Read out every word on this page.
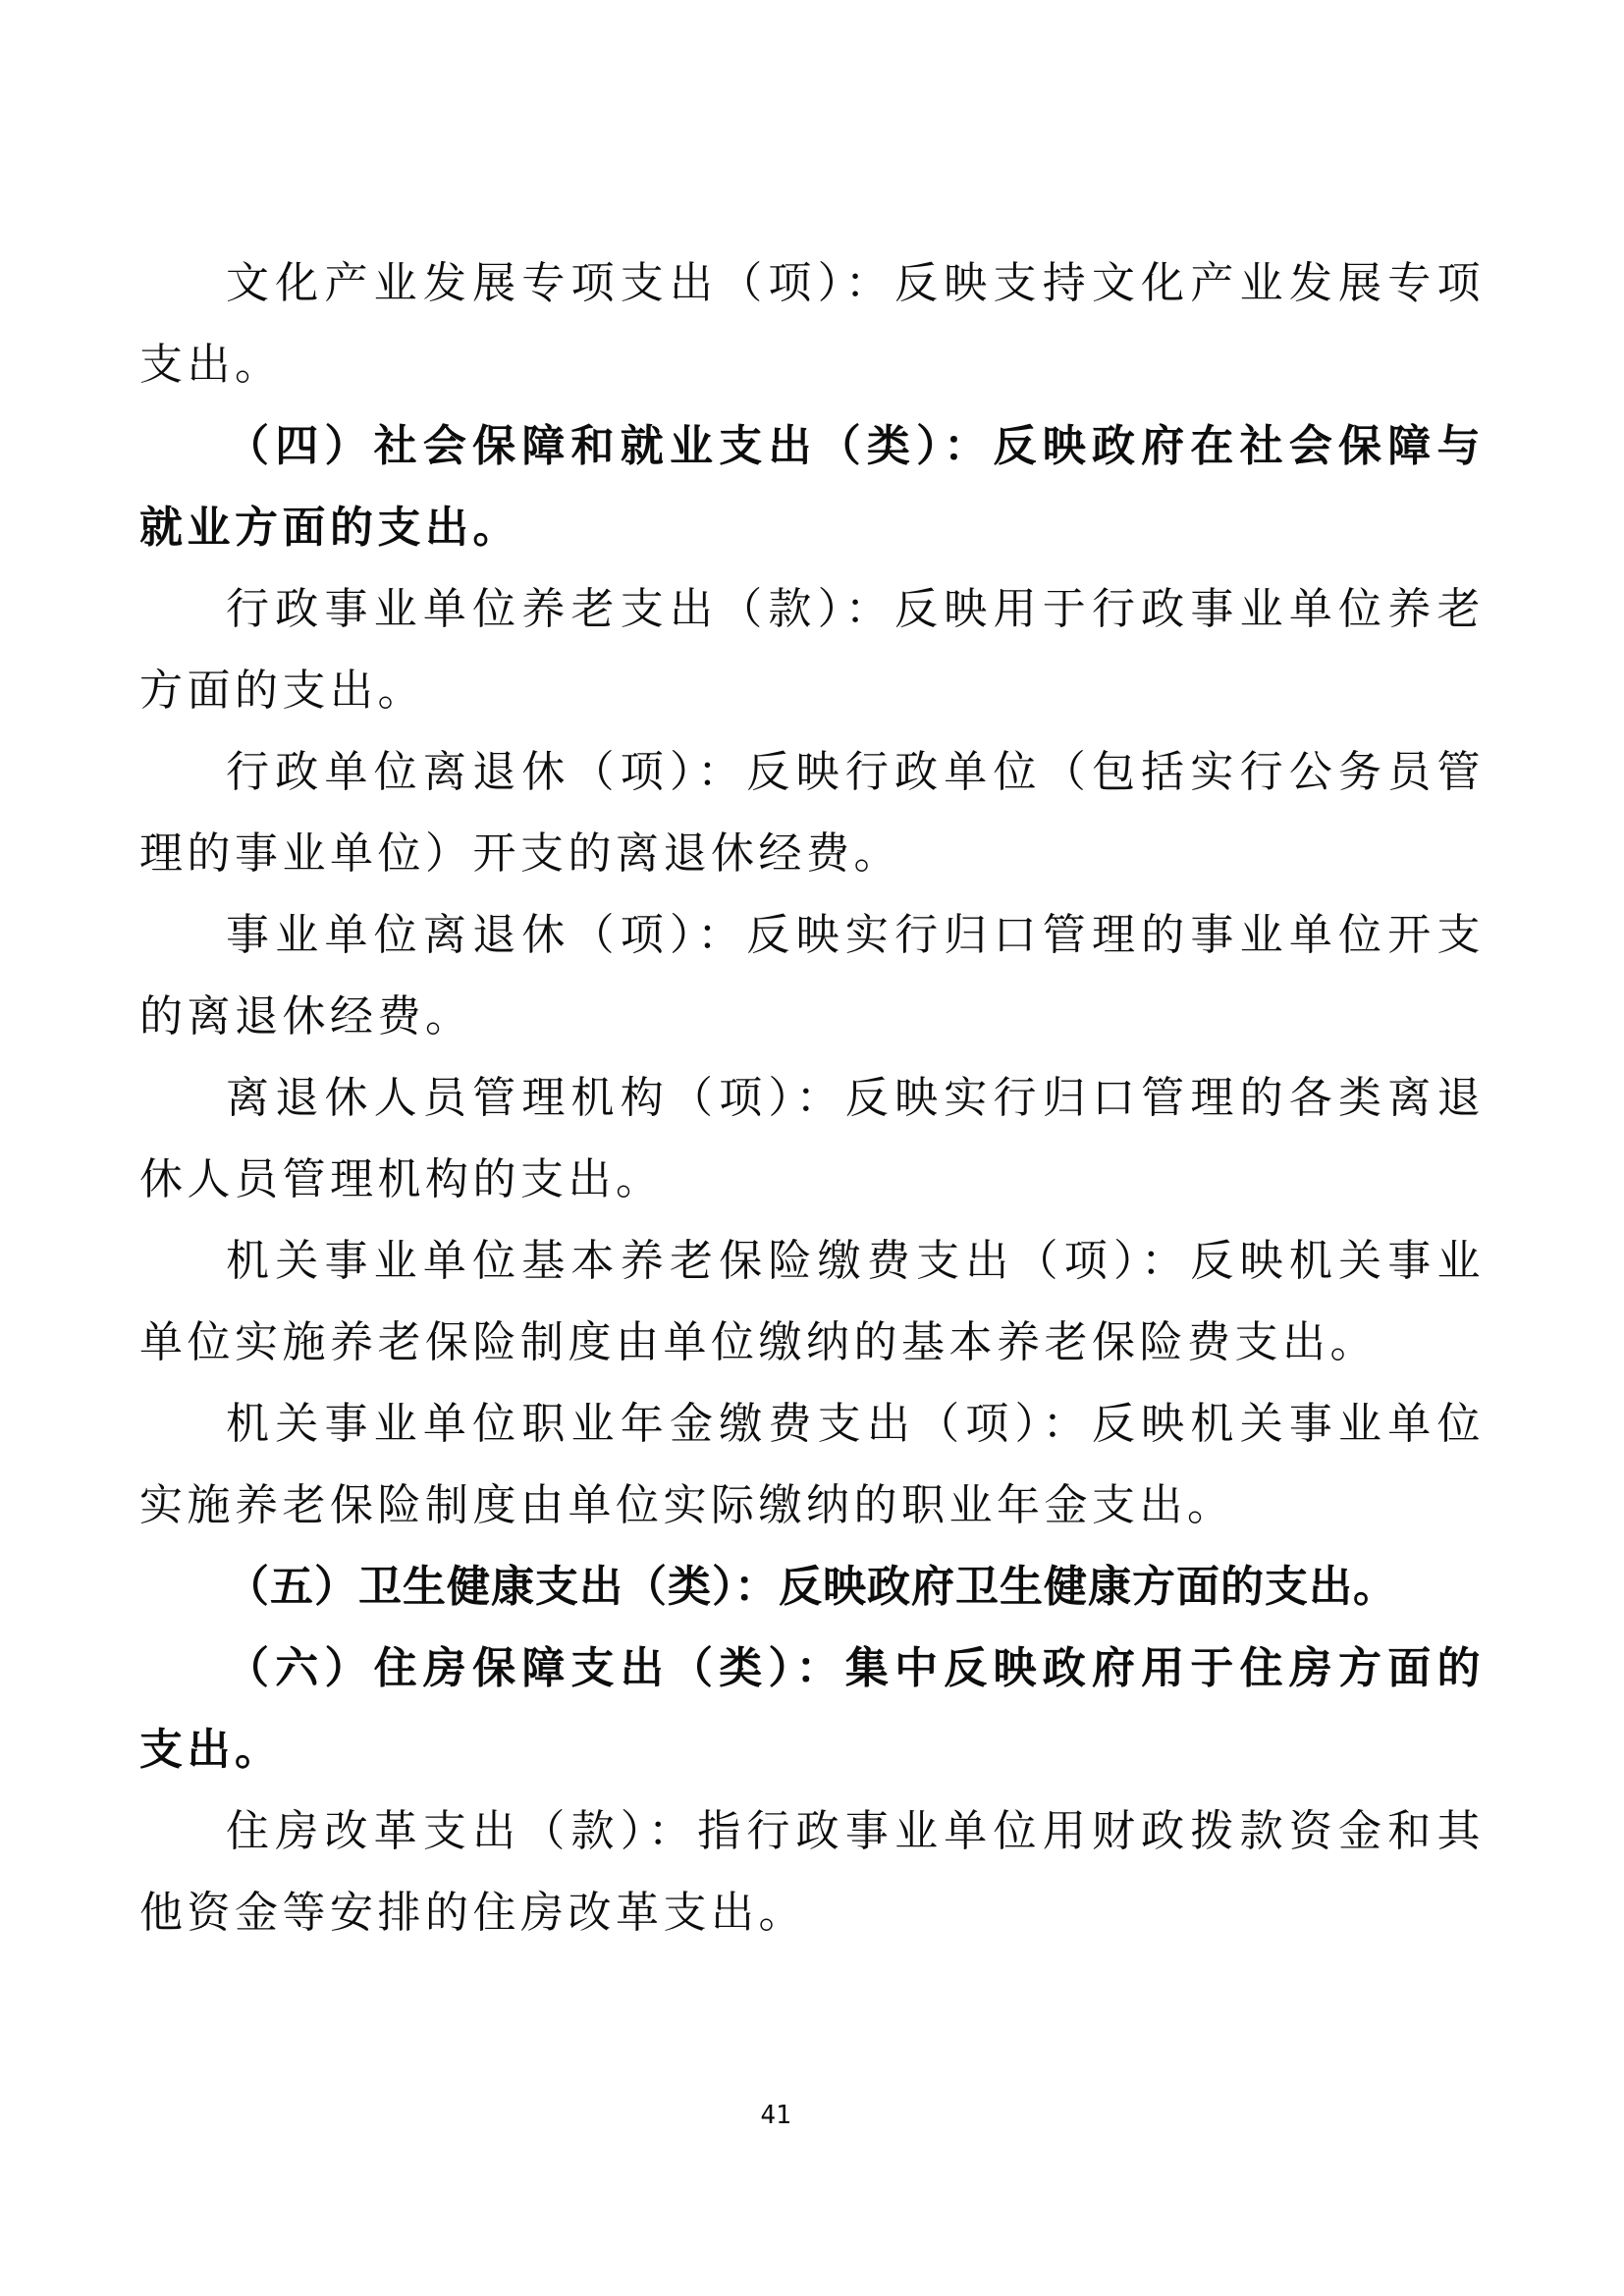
文化产业发展专项支出（项）：反映支持文化产业发展专项支出。

（四）社会保障和就业支出（类）：反映政府在社会保障与就业方面的支出。

行政事业单位养老支出（款）：反映用于行政事业单位养老方面的支出。

行政单位离退休（项）：反映行政单位（包括实行公务员管理的事业单位）开支的离退休经费。

事业单位离退休（项）：反映实行归口管理的事业单位开支的离退休经费。

离退休人员管理机构（项）：反映实行归口管理的各类离退休人员管理机构的支出。

机关事业单位基本养老保险缴费支出（项）：反映机关事业单位实施养老保险制度由单位缴纳的基本养老保险费支出。

机关事业单位职业年金缴费支出（项）：反映机关事业单位实施养老保险制度由单位实际缴纳的职业年金支出。

（五）卫生健康支出（类）：反映政府卫生健康方面的支出。

（六）住房保障支出（类）：集中反映政府用于住房方面的支出。

住房改革支出（款）：指行政事业单位用财政拨款资金和其他资金等安排的住房改革支出。

41
